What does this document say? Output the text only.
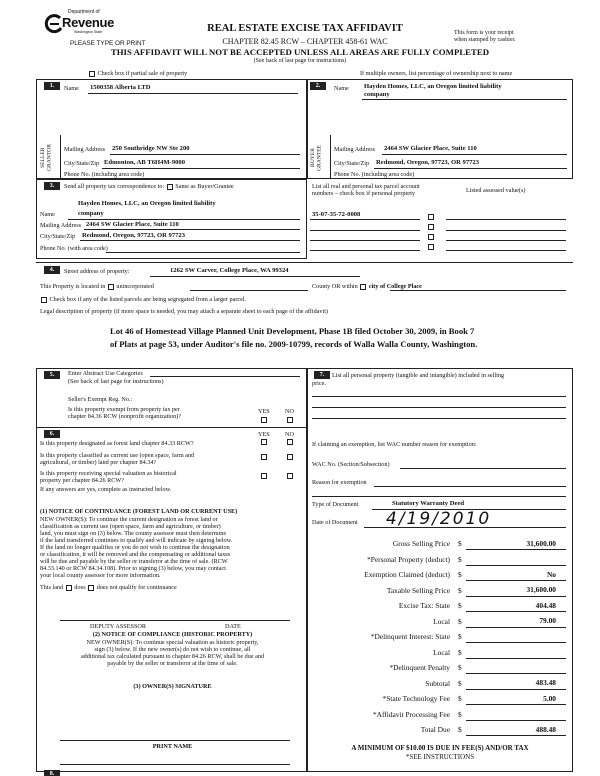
Department of
Revenue
Washington State
PLEASE TYPE OR PRINT
REAL ESTATE EXCISE TAX AFFIDAVIT
CHAPTER 82.45 RCW – CHAPTER 458-61 WAC
This form is your receipt
when stamped by cashier.
THIS AFFIDAVIT WILL NOT BE ACCEPTED UNLESS ALL AREAS ARE FULLY COMPLETED
(See back of last page for instructions)
Check box if partial sale of property	If multiple owners, list percentage of ownership next to name
1.	2.
SELLER GRANTOR	BUYER GRANTEE
Name 1500358 Alberta LTD
Mailing Address 250 Southridge NW Ste 200
City/State/Zip Edmonton, AB T6H4M-9000
Phone No. (including area code)
Name Hayden Homes, LLC, an Oregon limited liability
company
Mailing Address 2464 SW Glacier Place, Suite 110
City/State/Zip Redmond, Oregon, 97723, OR 97723
Phone No. (including area code)
3.	Send all property tax correspondence to: Same as Buyer/Grantee
Hayden Homes, LLC, an Oregon limited liability
Name	company
Mailing Address 2464 SW Glacier Place, Suite 110
City/State/Zip Redmond, Oregon, 97723, OR 97723
Phone No. (with area code)
List all real and personal tax parcel account
numbers – check box if personal property	Listed assessed value(s)
35-07-35-72-0008
4.	Street address of property:	1262 SW Carver, College Place, WA 99324
This Property is located in unincorporated	County OR within city of College Place
Check box if any of the listed parcels are being segregated from a larger parcel.
Legal description of property (if more space is needed, you may attach a separate sheet to each page of the affidavit)
Lot 46 of Homestead Village Planned Unit Development, Phase 1B filed October 30, 2009, in Book 7
of Plats at page 53, under Auditor's file no. 2009-10799, records of Walla Walla County, Washington.
5.	Enter Abstract Use Categories
(See back of last page for instructions)
Seller's Exempt Reg. No.:
Is this property exempt from property tax per
chapter 84.36 RCW (nonprofit organization)?
YES NO
6.	YES NO
Is this property designated as forest land chapter 84.33 RCW?
Is this property classified as current use (open space, farm and
agricultural, or timber) land per chapter 84.34?
Is this property receiving special valuation as historical
property per chapter 84.26 RCW?
If any answers are yes, complete as instructed below.
(1) NOTICE OF CONTINUANCE (FOREST LAND OR CURRENT USE)
NEW OWNER(S): To continue the current designation as forest land or
classification as current use (open space, farm and agriculture, or timber)
land, you must sign on (3) below. The county assessor must then determine
if the land transferred continues to qualify and will indicate by signing below.
If the land no longer qualifies or you do not wish to continue the designation
or classification, it will be removed and the compensating or additional taxes
will be due and payable by the seller or transferor at the time of sale. (RCW
84.33.140 or RCW 84.34.108). Prior to signing (3) below, you may contact
your local county assessor for more information.
This land does does not qualify for continuance
DEPUTY ASSESSOR	DATE
(2) NOTICE OF COMPLIANCE (HISTORIC PROPERTY)
NEW OWNER(S): To continue special valuation as historic property,
sign (3) below. If the new owner(s) do not wish to continue, all
additional tax calculated pursuant to chapter 84.26 RCW, shall be due and
payable by the seller or transferor at the time of sale.
(3) OWNER(S) SIGNATURE
PRINT NAME
7.	List all personal property (tangible and intangible) included in selling
price.
If claiming an exemption, list WAC number reason for exemption:
WAC No. (Section/Subsection)
Reason for exemption
Type of Document	Statutory Warranty Deed
Date of Document 4/19/2010
Gross Selling Price $	31,600.00
*Personal Property (deduct) $
Exemption Claimed (deduct) $	No
Taxable Selling Price $	31,600.00
Excise Tax: State $	404.48
Local $	79.00
*Delinquent Interest: State $
Local $
*Delinquent Penalty $
Subtotal $	483.48
*State Technology Fee $	5.00
*Affidavit Processing Fee $
Total Due $	488.48
A MINIMUM OF $10.00 IS DUE IN FEE(S) AND/OR TAX
*SEE INSTRUCTIONS
8.
